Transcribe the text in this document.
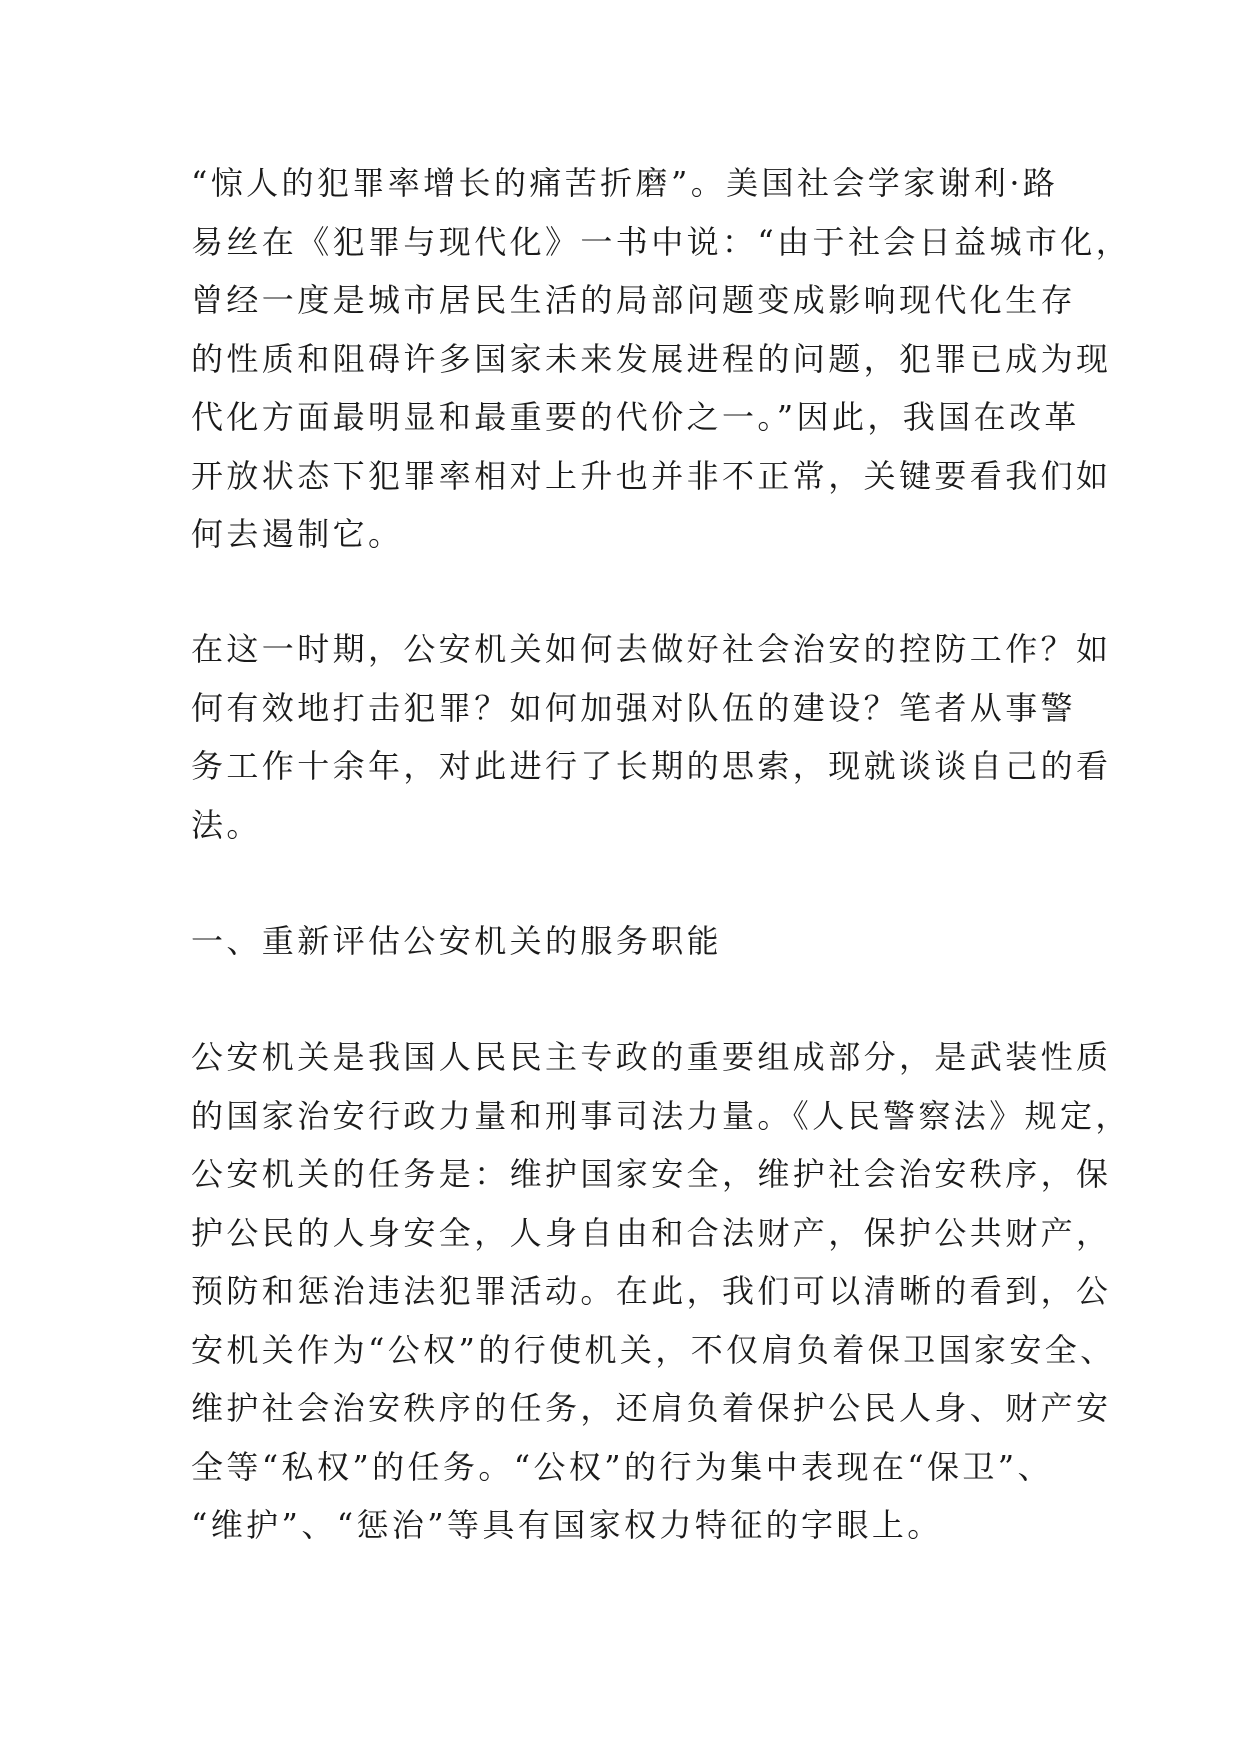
“惊人的犯罪率增长的痛苦折磨”。美国社会学家谢利·路
易丝在《犯罪与现代化》一书中说：“由于社会日益城市化，
曾经一度是城市居民生活的局部问题变成影响现代化生存
的性质和阻碍许多国家未来发展进程的问题，犯罪已成为现
代化方面最明显和最重要的代价之一。”因此，我国在改革
开放状态下犯罪率相对上升也并非不正常，关键要看我们如
何去遏制它。
在这一时期，公安机关如何去做好社会治安的控防工作？如
何有效地打击犯罪？如何加强对队伍的建设？笔者从事警
务工作十余年，对此进行了长期的思索，现就谈谈自己的看
法。
一、重新评估公安机关的服务职能
公安机关是我国人民民主专政的重要组成部分，是武装性质
的国家治安行政力量和刑事司法力量。《人民警察法》规定，
公安机关的任务是：维护国家安全，维护社会治安秩序，保
护公民的人身安全，人身自由和合法财产，保护公共财产，
预防和惩治违法犯罪活动。在此，我们可以清晰的看到，公
安机关作为“公权”的行使机关，不仅肩负着保卫国家安全、
维护社会治安秩序的任务，还肩负着保护公民人身、财产安
全等“私权”的任务。“公权”的行为集中表现在“保卫”、
“维护”、“惩治”等具有国家权力特征的字眼上。
